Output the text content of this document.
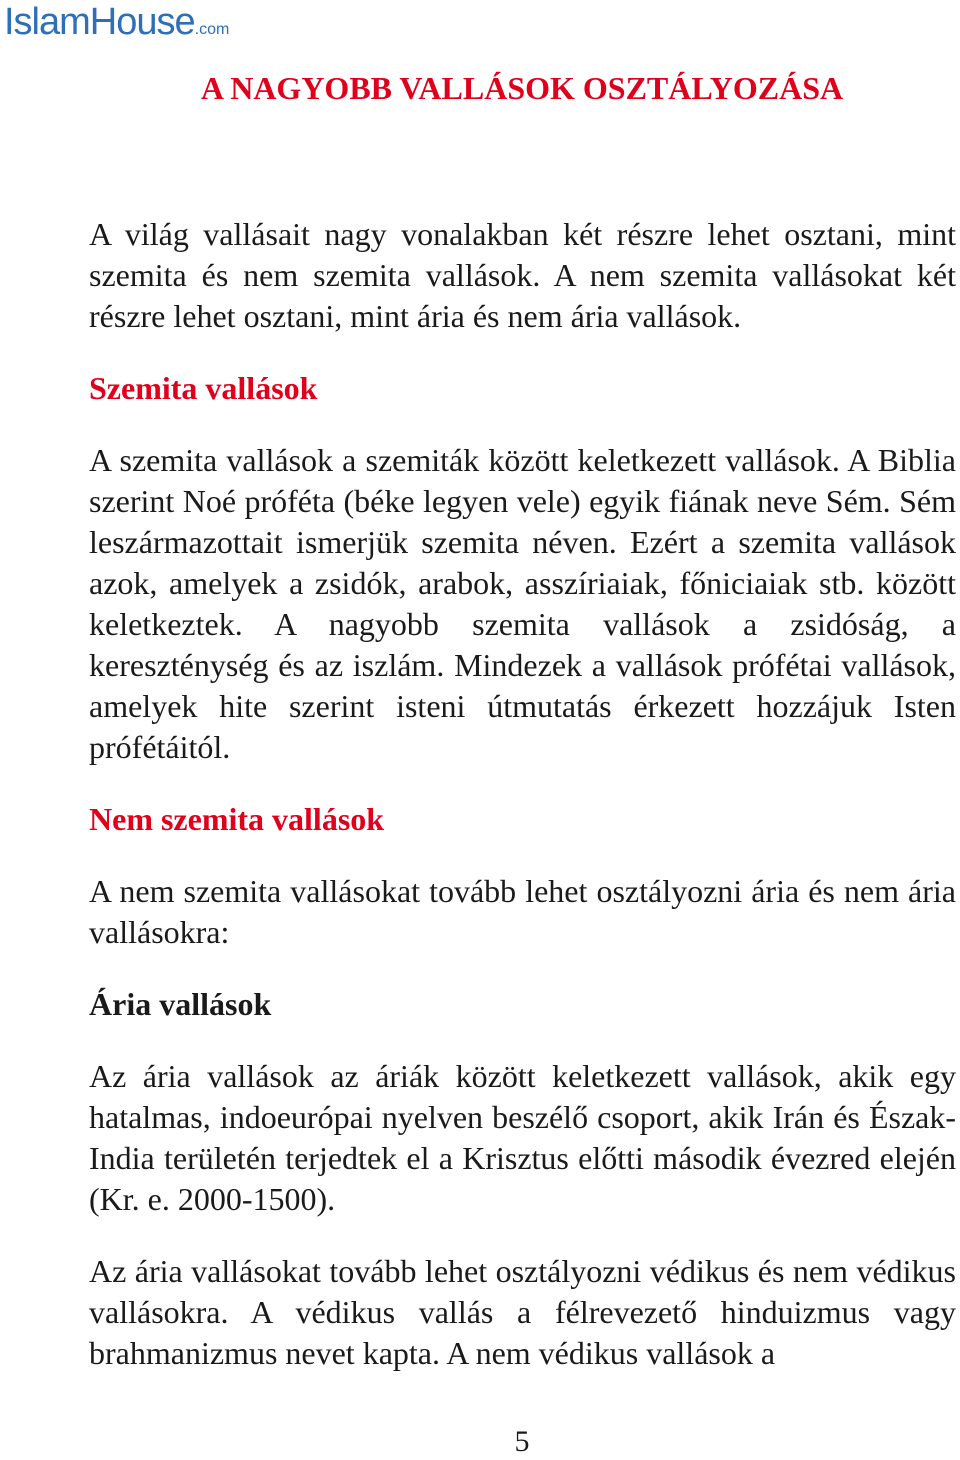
IslamHouse.com
A NAGYOBB VALLÁSOK OSZTÁLYOZÁSA

A világ vallásait nagy vonalakban két részre lehet osztani, mint szemita és nem szemita vallások. A nem szemita vallásokat két részre lehet osztani, mint ária és nem ária vallások.

Szemita vallások

A szemita vallások a szemiták között keletkezett vallások. A Biblia szerint Noé próféta (béke legyen vele) egyik fiának neve Sém. Sém leszármazottait ismerjük szemita néven. Ezért a szemita vallások azok, amelyek a zsidók, arabok, asszíriaiak, főniciaiak stb. között keletkeztek. A nagyobb szemita vallások a zsidóság, a kereszténység és az iszlám. Mindezek a vallások prófétai vallások, amelyek hite szerint isteni útmutatás érkezett hozzájuk Isten prófétáitól.

Nem szemita vallások

A nem szemita vallásokat tovább lehet osztályozni ária és nem ária vallásokra:

Ária vallások

Az ária vallások az áriák között keletkezett vallások, akik egy hatalmas, indoeurópai nyelven beszélő csoport, akik Irán és Észak-India területén terjedtek el a Krisztus előtti második évezred elején (Kr. e. 2000-1500).

Az ária vallásokat tovább lehet osztályozni védikus és nem védikus vallásokra. A védikus vallás a félrevezető hinduizmus vagy brahmanizmus nevet kapta. A nem védikus vallások a

5
